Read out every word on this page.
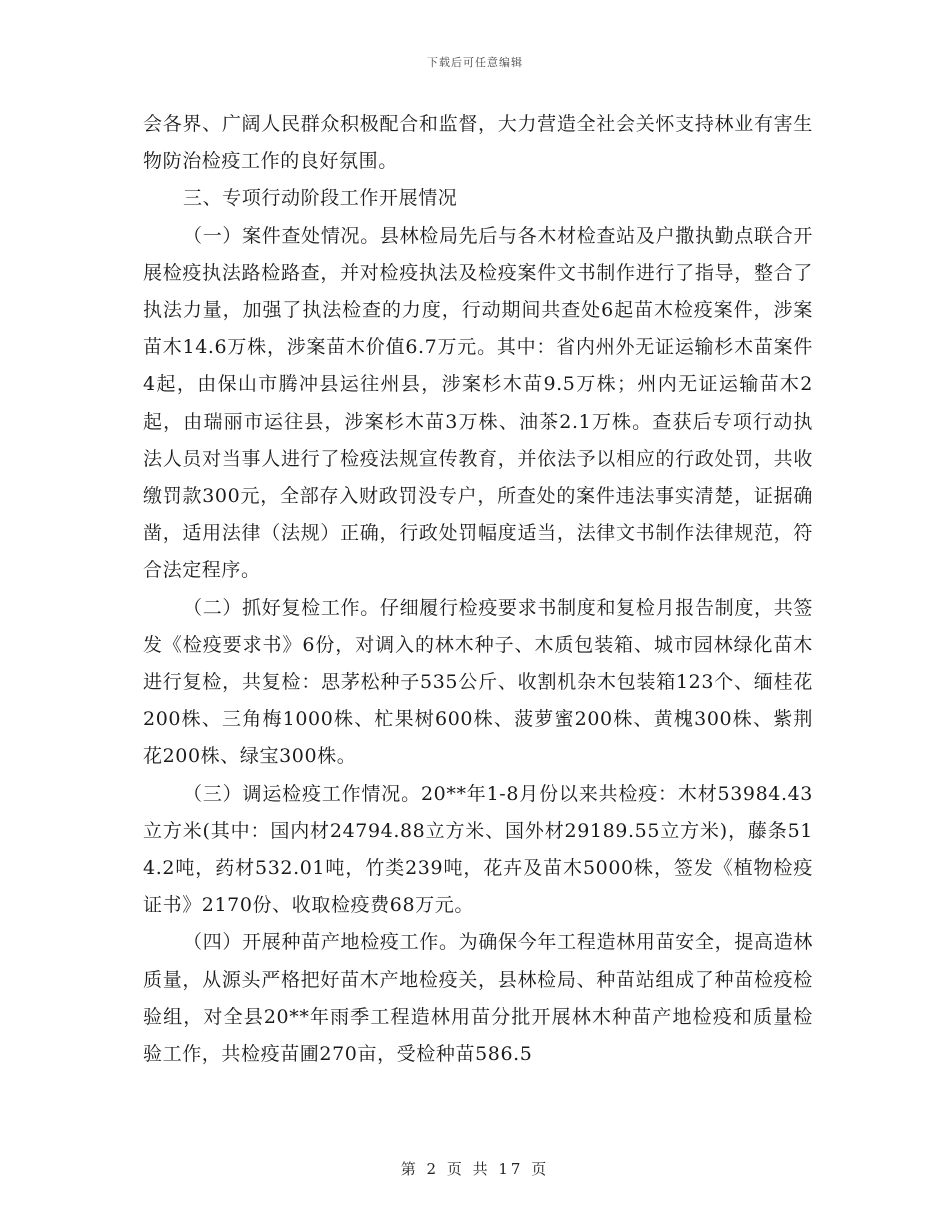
下载后可任意编辑

会各界、广阔人民群众积极配合和监督，大力营造全社会关怀支持林业有害生物防治检疫工作的良好氛围。

三、专项行动阶段工作开展情况

（一）案件查处情况。县林检局先后与各木材检查站及户撒执勤点联合开展检疫执法路检路查，并对检疫执法及检疫案件文书制作进行了指导，整合了执法力量，加强了执法检查的力度，行动期间共查处6起苗木检疫案件，涉案苗木14.6万株，涉案苗木价值6.7万元。其中：省内州外无证运输杉木苗案件4起，由保山市腾冲县运往州县，涉案杉木苗9.5万株；州内无证运输苗木2起，由瑞丽市运往县，涉案杉木苗3万株、油茶2.1万株。查获后专项行动执法人员对当事人进行了检疫法规宣传教育，并依法予以相应的行政处罚，共收缴罚款300元，全部存入财政罚没专户，所查处的案件违法事实清楚，证据确凿，适用法律（法规）正确，行政处罚幅度适当，法律文书制作法律规范，符合法定程序。

（二）抓好复检工作。仔细履行检疫要求书制度和复检月报告制度，共签发《检疫要求书》6份，对调入的林木种子、木质包装箱、城市园林绿化苗木进行复检，共复检：思茅松种子535公斤、收割机杂木包装箱123个、缅桂花200株、三角梅1000株、杧果树600株、菠萝蜜200株、黄槐300株、紫荆花200株、绿宝300株。

（三）调运检疫工作情况。20**年1-8月份以来共检疫：木材53984.43立方米(其中：国内材24794.88立方米、国外材29189.55立方米)，藤条514.2吨，药材532.01吨，竹类239吨，花卉及苗木5000株，签发《植物检疫证书》2170份、收取检疫费68万元。

（四）开展种苗产地检疫工作。为确保今年工程造林用苗安全，提高造林质量，从源头严格把好苗木产地检疫关，县林检局、种苗站组成了种苗检疫检验组，对全县20**年雨季工程造林用苗分批开展林木种苗产地检疫和质量检验工作，共检疫苗圃270亩，受检种苗586.5

第 2 页 共 17 页
